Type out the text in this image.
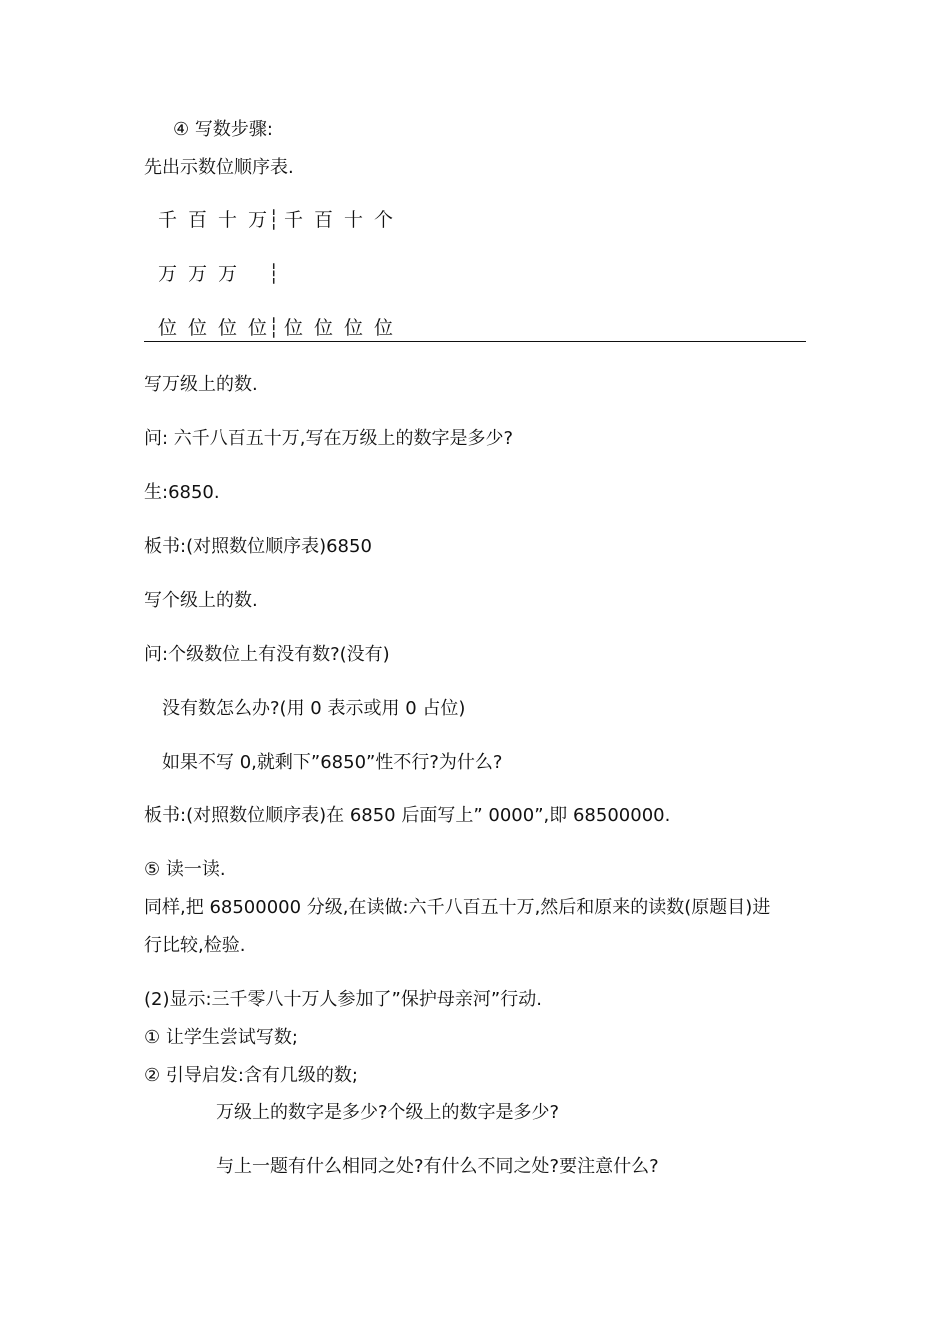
④ 写数步骤:
先出示数位顺序表.
千 百 十 万┆ 千 百 十 个
万 万 万 ┆
位 位 位 位┆ 位 位 位 位
写万级上的数.
问: 六千八百五十万,写在万级上的数字是多少?
生:6850.
板书:(对照数位顺序表)6850
写个级上的数.
问:个级数位上有没有数?(没有)
没有数怎么办?(用 0 表示或用 0 占位)
如果不写 0,就剩下”6850”性不行?为什么?
板书:(对照数位顺序表)在 6850 后面写上” 0000”,即 68500000.
⑤ 读一读.
同样,把 68500000 分级,在读做:六千八百五十万,然后和原来的读数(原题目)进
行比较,检验.
(2)显示:三千零八十万人参加了”保护母亲河”行动.
① 让学生尝试写数;
② 引导启发:含有几级的数;
万级上的数字是多少?个级上的数字是多少?
与上一题有什么相同之处?有什么不同之处?要注意什么?
